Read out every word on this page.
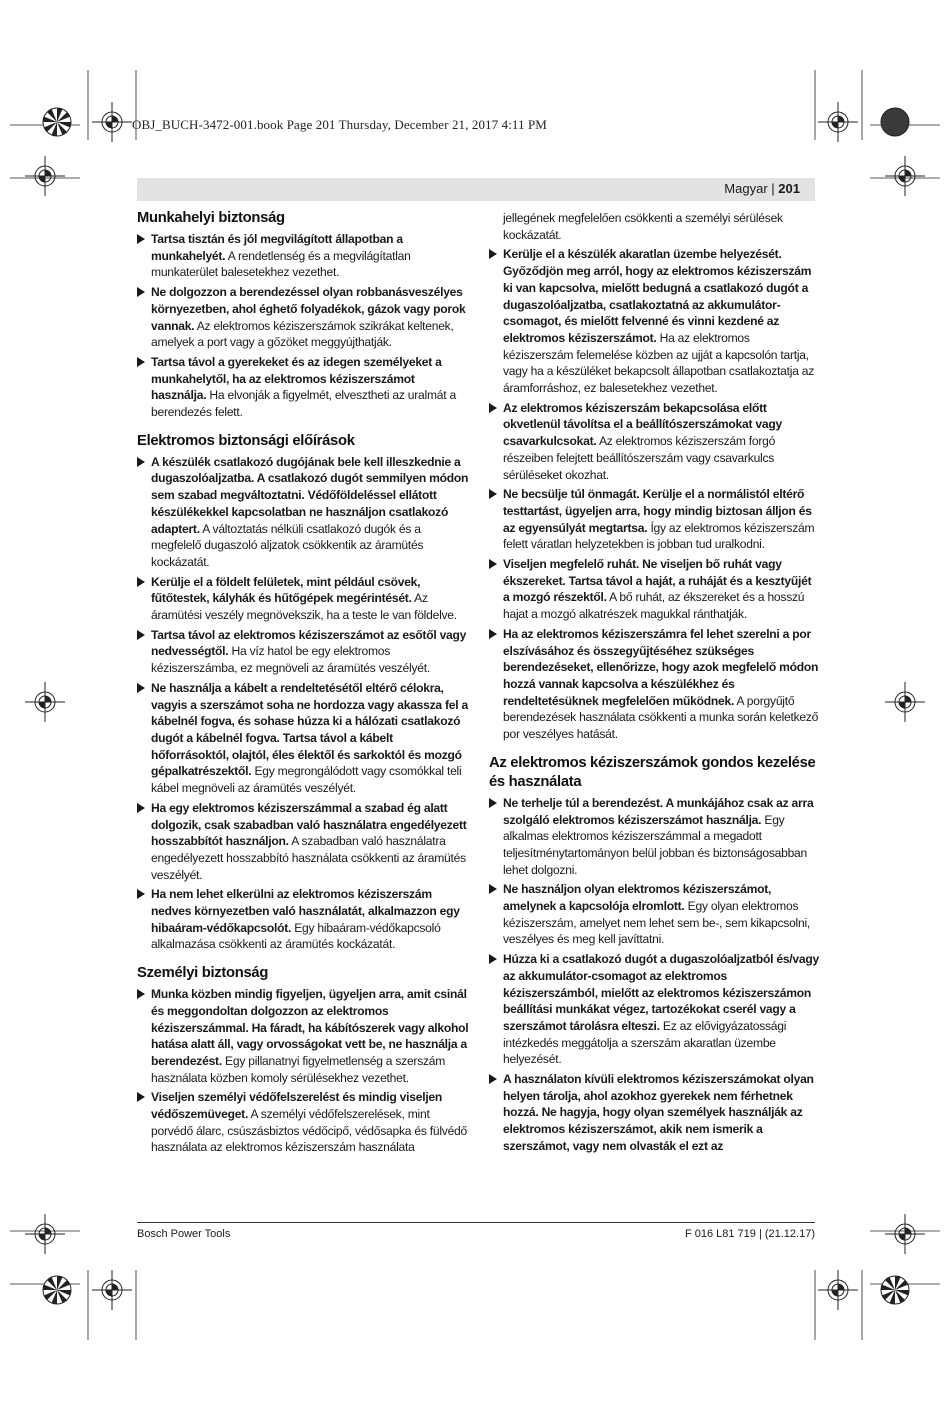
OBJ_BUCH-3472-001.book Page 201 Thursday, December 21, 2017 4:11 PM
Magyar | 201
Munkahelyi biztonság
Tartsa tisztán és jól megvilágított állapotban a munkahelyét. A rendetlenség és a megvilágítatlan munkaterület balesetekhez vezethet.
Ne dolgozzon a berendezéssel olyan robbanásveszélyes környezetben, ahol éghető folyadékok, gázok vagy porok vannak. Az elektromos kéziszerszámok szikrákat keltenek, amelyek a port vagy a gőzöket meggyújthatják.
Tartsa távol a gyerekeket és az idegen személyeket a munkahelytől, ha az elektromos kéziszerszámot használja. Ha elvonják a figyelmét, elvesztheti az uralmát a berendezés felett.
Elektromos biztonsági előírások
A készülék csatlakozó dugójának bele kell illeszkednie a dugaszolóaljzatba. A csatlakozó dugót semmilyen módon sem szabad megváltoztatni. Védőföldeléssel ellátott készülékekkel kapcsolatban ne használjon csatlakozó adaptert. A változtatás nélküli csatlakozó dugók és a megfelelő dugaszoló aljzatok csökkentik az áramütés kockázatát.
Kerülje el a földelt felületek, mint például csövek, fűtőtestek, kályhák és hűtőgépek megérintését. Az áramütési veszély megnövekszik, ha a teste le van földelve.
Tartsa távol az elektromos kéziszerszámot az esőtől vagy nedvességtől. Ha víz hatol be egy elektromos kéziszerszámba, ez megnöveli az áramütés veszélyét.
Ne használja a kábelt a rendeltetésétől eltérő célokra, vagyis a szerszámot soha ne hordozza vagy akassza fel a kábelnél fogva, és sohase húzza ki a hálózati csatlakozó dugót a kábelnél fogva. Tartsa távol a kábelt hőforrásoktól, olajtól, éles élektől és sarkoktól és mozgó gépalkatrészektől. Egy megrongálódott vagy csomókkal teli kábel megnöveli az áramütés veszélyét.
Ha egy elektromos kéziszerszámmal a szabad ég alatt dolgozik, csak szabadban való használatra engedélyezett hosszabbítót használjon. A szabadban való használatra engedélyezett hosszabbító használata csökkenti az áramütés veszélyét.
Ha nem lehet elkerülni az elektromos kéziszerszám nedves környezetben való használatát, alkalmazzon egy hibaáram-védőkapcsolót. Egy hibaáram-védőkapcsoló alkalmazása csökkenti az áramütés kockázatát.
Személyi biztonság
Munka közben mindig figyeljen, ügyeljen arra, amit csinál és meggondoltan dolgozzon az elektromos kéziszerszámmal. Ha fáradt, ha kábítószerek vagy alkohol hatása alatt áll, vagy orvosságokat vett be, ne használja a berendezést. Egy pillanatnyi figyelmetlenség a szerszám használata közben komoly sérülésekhez vezethet.
Viseljen személyi védőfelszerelést és mindig viseljen védőszemüveget. A személyi védőfelszerelések, mint porvédő álarc, csúszásbiztos védőcipő, védősapka és fülvédő használata az elektromos kéziszerszám használata

jellegének megfelelően csökkenti a személyi sérülések kockázatát.

Kerülje el a készülék akaratlan üzembe helyezését. Győződjön meg arról, hogy az elektromos kéziszerszám ki van kapcsolva, mielőtt bedugná a csatlakozó dugót a dugaszolóaljzatba, csatlakoztatná az akkumulátor-csomagot, és mielőtt felvenné és vinni kezdené az elektromos kéziszerszámot. Ha az elektromos kéziszerszám felemelése közben az ujját a kapcsolón tartja, vagy ha a készüléket bekapcsolt állapotban csatlakoztatja az áramforráshoz, ez balesetekhez vezethet.
Az elektromos kéziszerszám bekapcsolása előtt okvetlenül távolítsa el a beállítószerszámokat vagy csavarkulcsokat. Az elektromos kéziszerszám forgó részeiben felejtett beállítószerszám vagy csavarkulcs sérüléseket okozhat.
Ne becsülje túl önmagát. Kerülje el a normálistól eltérő testtartást, ügyeljen arra, hogy mindig biztosan álljon és az egyensúlyát megtartsa. Így az elektromos kéziszerszám felett váratlan helyzetekben is jobban tud uralkodni.
Viseljen megfelelő ruhát. Ne viseljen bő ruhát vagy ékszereket. Tartsa távol a haját, a ruháját és a kesztyűjét a mozgó részektől. A bő ruhát, az ékszereket és a hosszú hajat a mozgó alkatrészek magukkal ránthatják.
Ha az elektromos kéziszerszámra fel lehet szerelni a por elszívásához és összegyűjtéséhez szükséges berendezéseket, ellenőrizze, hogy azok megfelelő módon hozzá vannak kapcsolva a készülékhez és rendeltetésüknek megfelelően működnek. A porgyűjtő berendezések használata csökkenti a munka során keletkező por veszélyes hatását.
Az elektromos kéziszerszámok gondos kezelése és használata
Ne terhelje túl a berendezést. A munkájához csak az arra szolgáló elektromos kéziszerszámot használja. Egy alkalmas elektromos kéziszerszámmal a megadott teljesítménytartományon belül jobban és biztonságosabban lehet dolgozni.
Ne használjon olyan elektromos kéziszerszámot, amelynek a kapcsolója elromlott. Egy olyan elektromos kéziszerszám, amelyet nem lehet sem be-, sem kikapcsolni, veszélyes és meg kell javíttatni.
Húzza ki a csatlakozó dugót a dugaszolóaljzatból és/vagy az akkumulátor-csomagot az elektromos kéziszerszámból, mielőtt az elektromos kéziszerszámon beállítási munkákat végez, tartozékokat cserél vagy a szerszámot tárolásra elteszi. Ez az elővigyázatossági intézkedés meggátolja a szerszám akaratlan üzembe helyezését.
A használaton kívüli elektromos kéziszerszámokat olyan helyen tárolja, ahol azokhoz gyerekek nem férhetnek hozzá. Ne hagyja, hogy olyan személyek használják az elektromos kéziszerszámot, akik nem ismerik a szerszámot, vagy nem olvasták el ezt az
Bosch Power Tools	F 016 L81 719 | (21.12.17)
